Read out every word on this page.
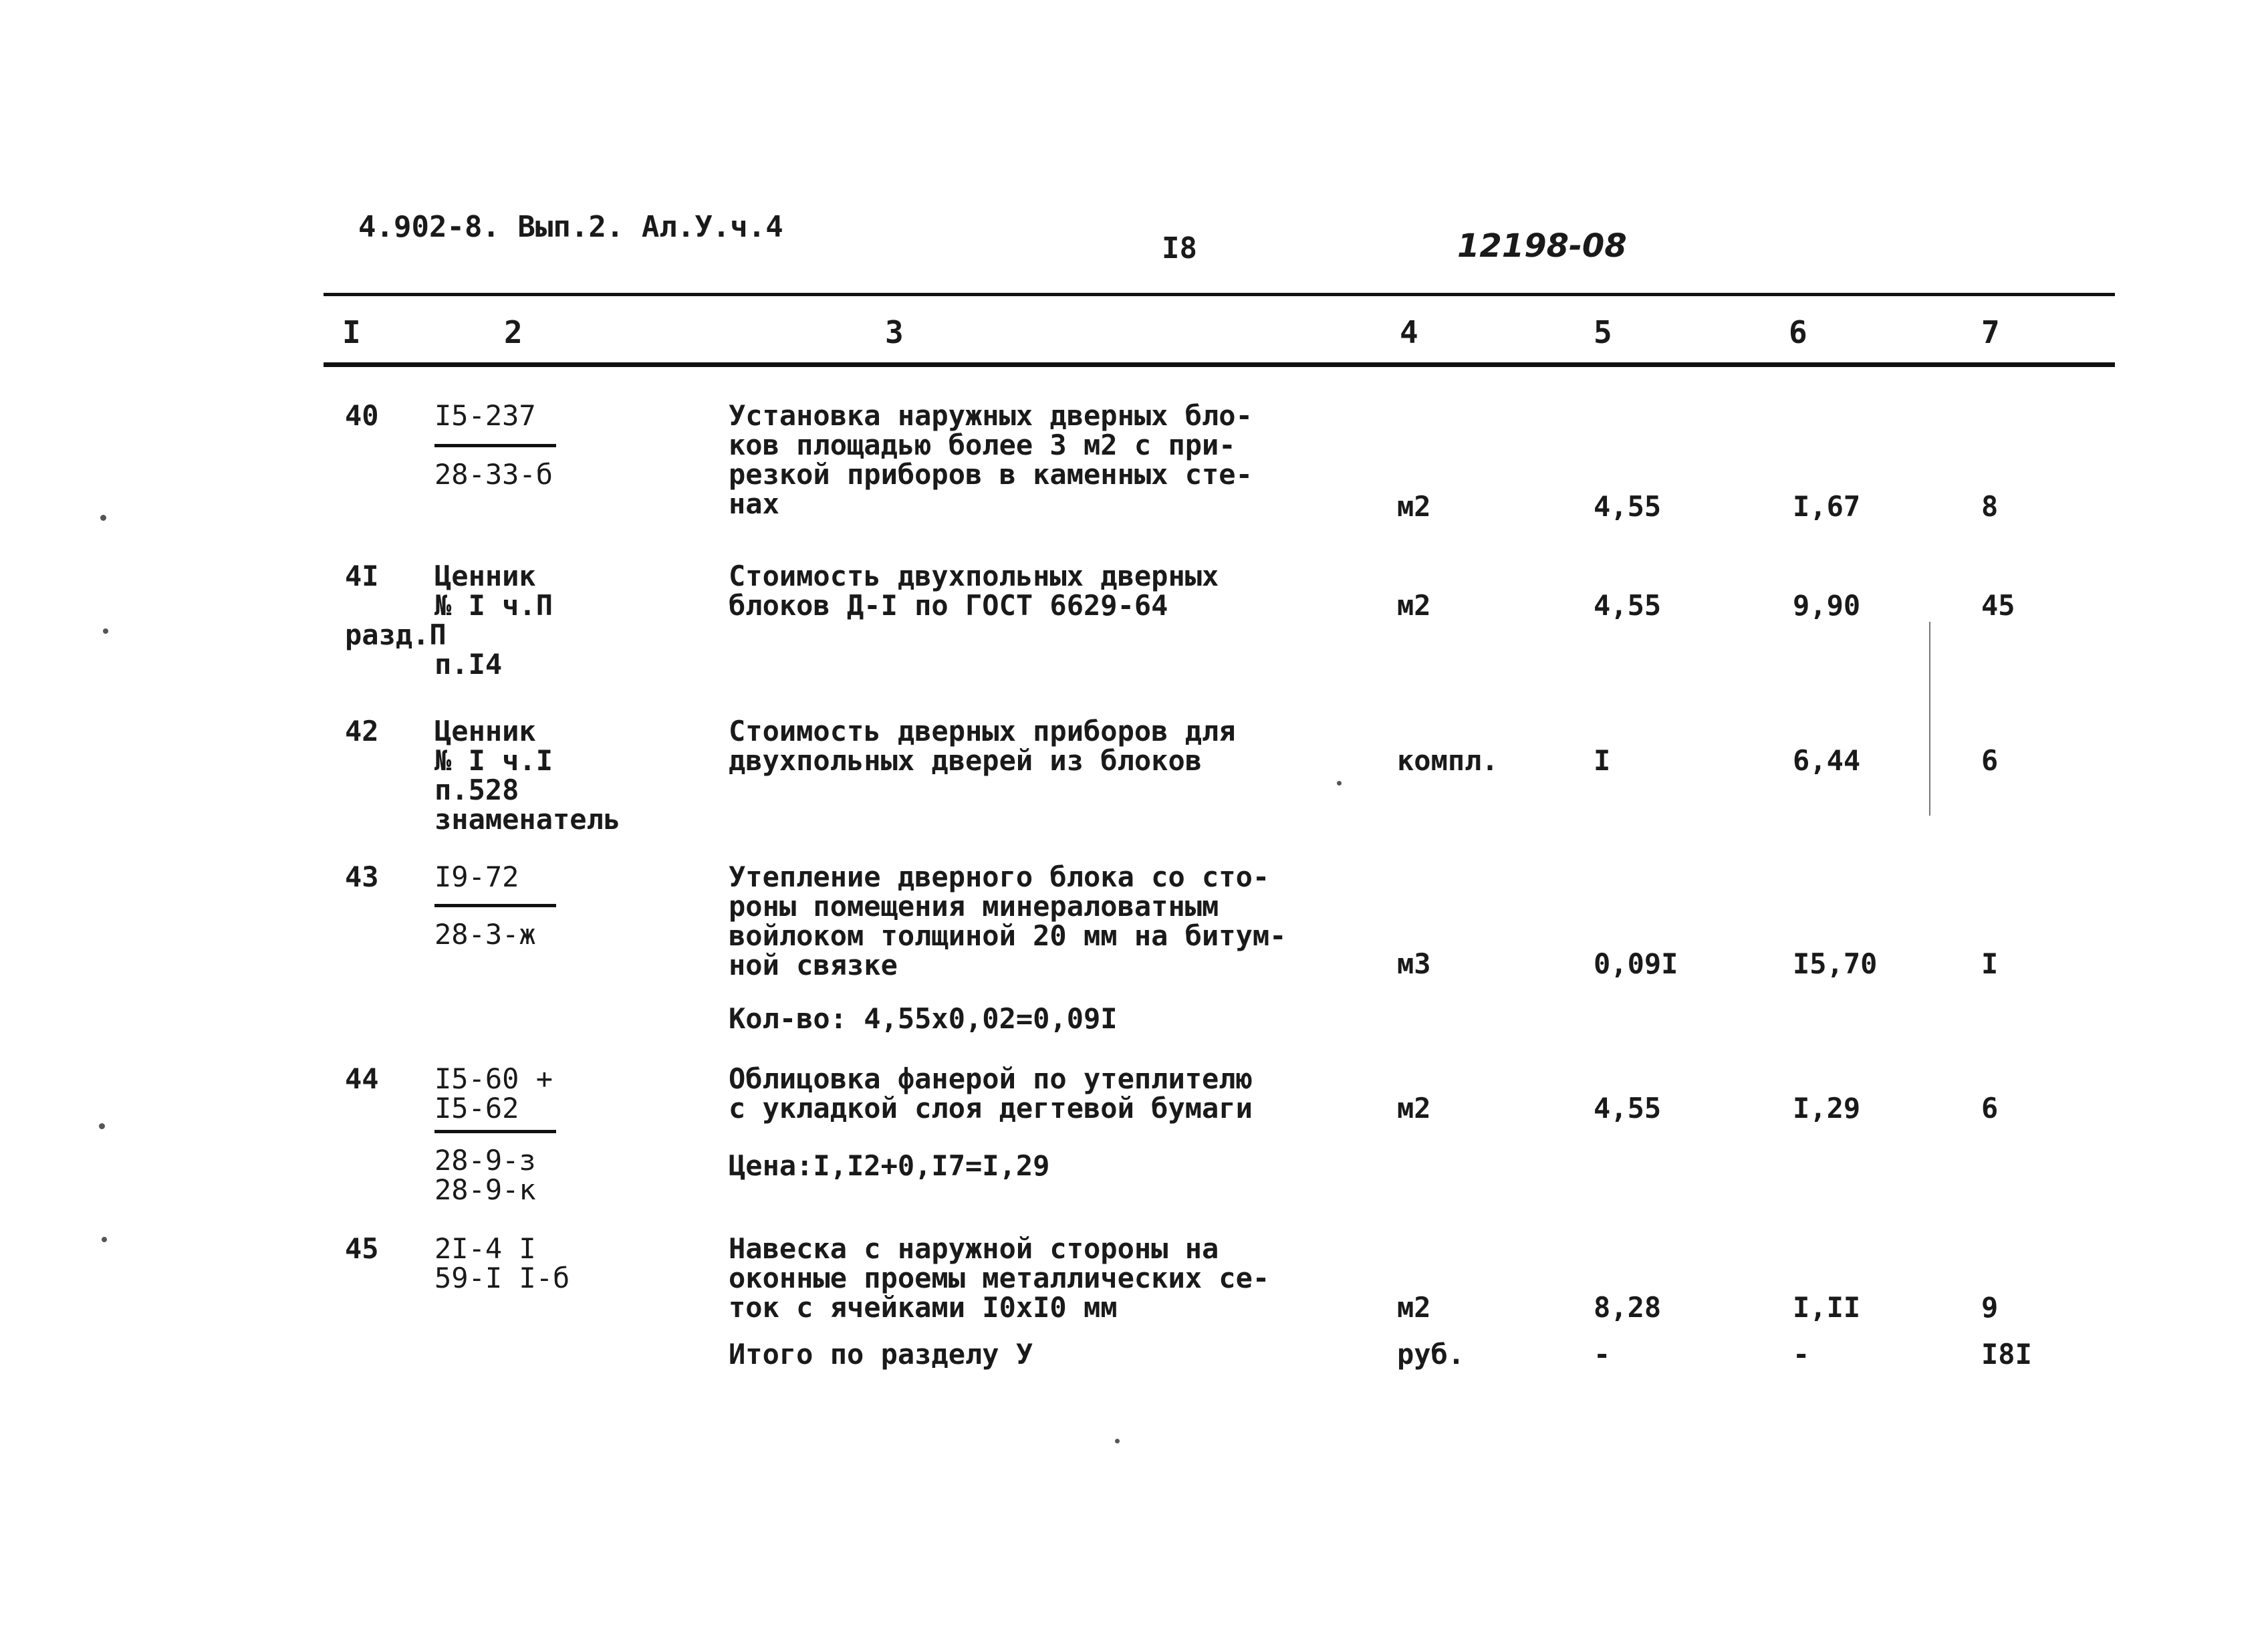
4.902-8. Вып.2. Ал.У.ч.4
I8	12198-08
I	2	3	4	5	6	7
40 I5-237
28-33-б
Установка наружных дверных бло-
ков площадью более 3 м2 с при-
резкой приборов в каменных сте-
нах	м2	4,55	I,67	8
4I Ценник
№ I ч.П
разд.П
п.I4
Стоимость двухпольных дверных
блоков Д-I по ГОСТ 6629-64	м2	4,55	9,90	45
42 Ценник
№ I ч.I
п.528
знаменатель
Стоимость дверных приборов для
двухпольных дверей из блоков	компл.	I	6,44	6
43 I9-72
28-3-ж
Утепление дверного блока со сто-
роны помещения минераловатным
войлоком толщиной 20 мм на битум-
ной связке	м3	0,09I	I5,70	I
Кол-во: 4,55х0,02=0,09I
44 I5-60 +
I5-62
28-9-з
28-9-к
Облицовка фанерой по утеплителю
с укладкой слоя дегтевой бумаги	м2	4,55	I,29	6
Цена:I,I2+0,I7=I,29
45 2I-4 I
59-I I-б
Навеска с наружной стороны на
оконные проемы металлических се-
ток с ячейками I0хI0 мм	м2	8,28	I,II	9
Итого по разделу У	руб.	-	-	I8I
